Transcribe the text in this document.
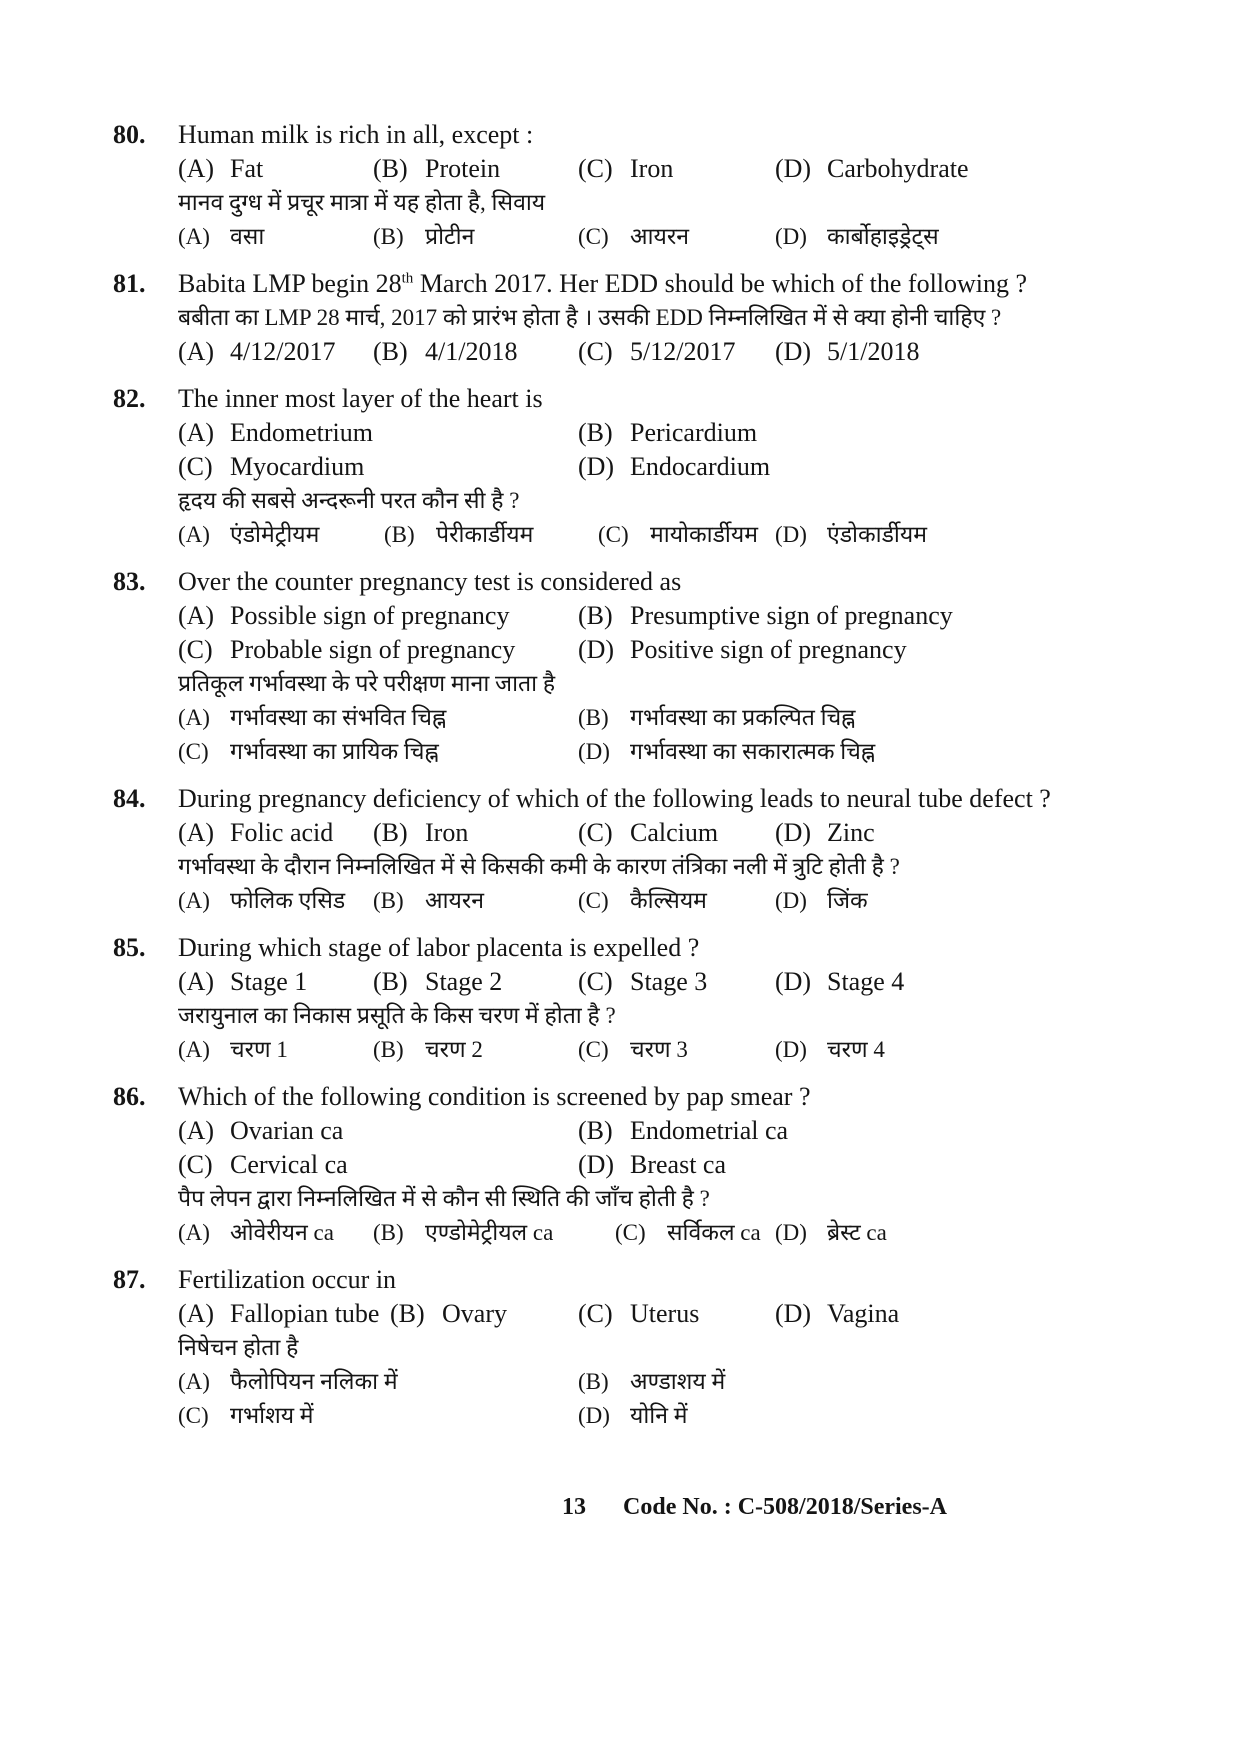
80.	Human milk is rich in all, except :
(A) Fat	(B) Protein	(C) Iron	(D) Carbohydrate
मानव दुग्ध में प्रचूर मात्रा में यह होता है, सिवाय
(A) वसा	(B) प्रोटीन	(C) आयरन	(D) कार्बोहाइड्रेट्स
81.	Babita LMP begin 28th March 2017. Her EDD should be which of the following ?
बबीता का LMP 28 मार्च, 2017 को प्रारंभ होता है । उसकी EDD निम्नलिखित में से क्या होनी चाहिए ?
(A) 4/12/2017	(B) 4/1/2018	(C) 5/12/2017	(D) 5/1/2018
82.	The inner most layer of the heart is
(A) Endometrium	(B) Pericardium
(C) Myocardium	(D) Endocardium
हृदय की सबसे अन्दरूनी परत कौन सी है ?
(A) एंडोमेट्रीयम	(B) पेरीकार्डीयम	(C) मायोकार्डीयम (D) एंडोकार्डीयम
83.	Over the counter pregnancy test is considered as
(A) Possible sign of pregnancy	(B) Presumptive sign of pregnancy
(C) Probable sign of pregnancy	(D) Positive sign of pregnancy
प्रतिकूल गर्भावस्था के परे परीक्षण माना जाता है
(A) गर्भावस्था का संभवित चिह्न	(B) गर्भावस्था का प्रकल्पित चिह्न
(C) गर्भावस्था का प्रायिक चिह्न	(D) गर्भावस्था का सकारात्मक चिह्न
84.	During pregnancy deficiency of which of the following leads to neural tube defect ?
(A) Folic acid	(B) Iron	(C) Calcium	(D) Zinc
गर्भावस्था के दौरान निम्नलिखित में से किसकी कमी के कारण तंत्रिका नली में त्रुटि होती है ?
(A) फोलिक एसिड	(B) आयरन	(C) कैल्सियम	(D) जिंक
85.	During which stage of labor placenta is expelled ?
(A) Stage 1	(B) Stage 2	(C) Stage 3	(D) Stage 4
जरायुनाल का निकास प्रसूति के किस चरण में होता है ?
(A) चरण 1	(B) चरण 2	(C) चरण 3	(D) चरण 4
86.	Which of the following condition is screened by pap smear ?
(A) Ovarian ca	(B) Endometrial ca
(C) Cervical ca	(D) Breast ca
पैप लेपन द्वारा निम्नलिखित में से कौन सी स्थिति की जाँच होती है ?
(A) ओवेरीयन ca	(B) एण्डोमेट्रीयल ca	(C) सर्विकल ca (D) ब्रेस्ट ca
87.	Fertilization occur in
(A) Fallopian tube (B) Ovary	(C) Uterus	(D) Vagina
निषेचन होता है
(A) फैलोपियन नलिका में	(B) अण्डाशय में
(C) गर्भाशय में	(D) योनि में
13 Code No. : C-508/2018/Series-A
